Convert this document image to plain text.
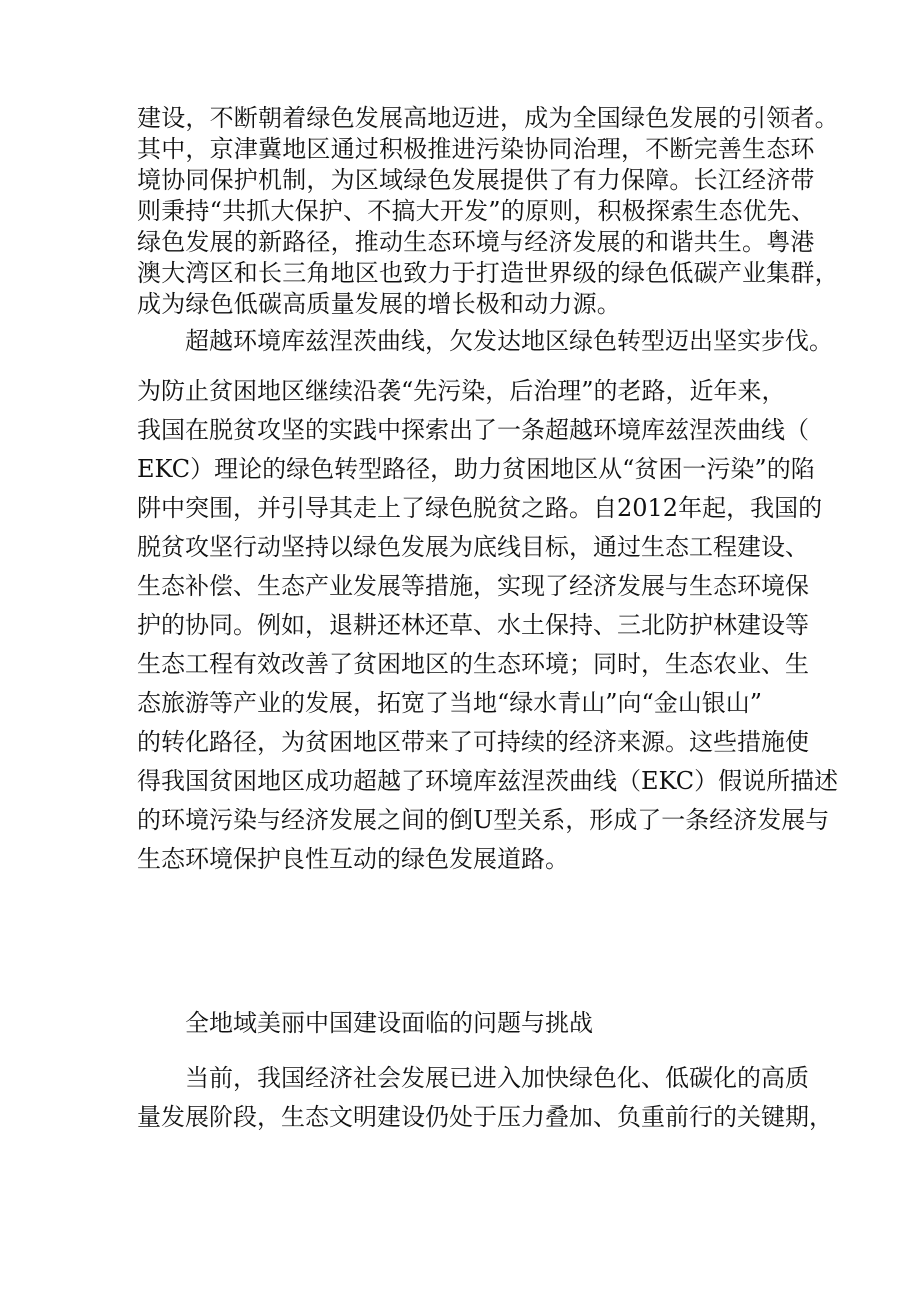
建设，不断朝着绿色发展高地迈进，成为全国绿色发展的引领者。
其中，京津冀地区通过积极推进污染协同治理，不断完善生态环
境协同保护机制，为区域绿色发展提供了有力保障。长江经济带
则秉持“共抓大保护、不搞大开发”的原则，积极探索生态优先、
绿色发展的新路径，推动生态环境与经济发展的和谐共生。粤港
澳大湾区和长三角地区也致力于打造世界级的绿色低碳产业集群，
成为绿色低碳高质量发展的增长极和动力源。
超越环境库兹涅茨曲线，欠发达地区绿色转型迈出坚实步伐。
为防止贫困地区继续沿袭“先污染，后治理”的老路，近年来，
我国在脱贫攻坚的实践中探索出了一条超越环境库兹涅茨曲线（
EKC）理论的绿色转型路径，助力贫困地区从“贫困一污染”的陷
阱中突围，并引导其走上了绿色脱贫之路。自2012年起，我国的
脱贫攻坚行动坚持以绿色发展为底线目标，通过生态工程建设、
生态补偿、生态产业发展等措施，实现了经济发展与生态环境保
护的协同。例如，退耕还林还草、水土保持、三北防护林建设等
生态工程有效改善了贫困地区的生态环境；同时，生态农业、生
态旅游等产业的发展，拓宽了当地“绿水青山”向“金山银山”
的转化路径，为贫困地区带来了可持续的经济来源。这些措施使
得我国贫困地区成功超越了环境库兹涅茨曲线（EKC）假说所描述
的环境污染与经济发展之间的倒U型关系，形成了一条经济发展与
生态环境保护良性互动的绿色发展道路。
全地域美丽中国建设面临的问题与挑战
当前，我国经济社会发展已进入加快绿色化、低碳化的高质
量发展阶段，生态文明建设仍处于压力叠加、负重前行的关键期，
